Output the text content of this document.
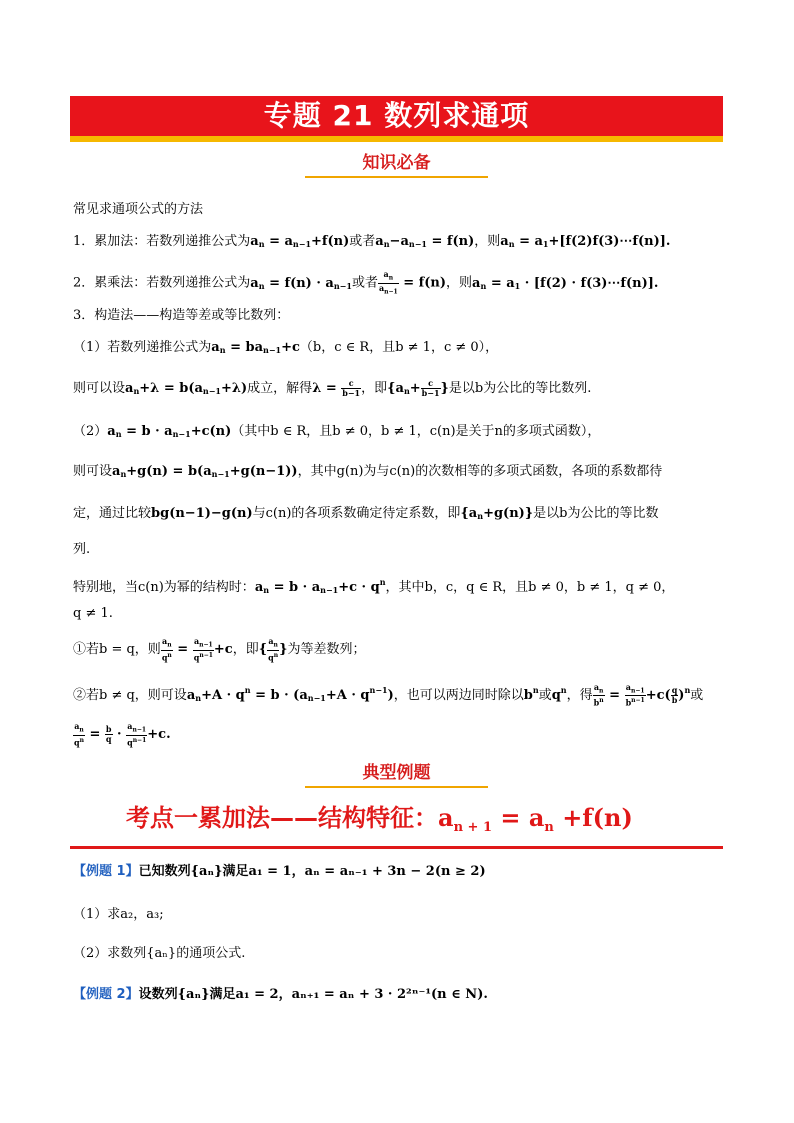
专题 21 数列求通项
知识必备
常见求通项公式的方法
1．累加法：若数列递推公式为$a_n = a_{n-1}+f(n)$或者$a_n-a_{n-1} = f(n)$，则$a_n$ = $a_1+[f(2)f(3)\cdots f(n)]$.
2．累乘法：若数列递推公式为$a_n = f(n) \cdot a_{n-1}$或者 $\frac{a_n}{a_{n-1}} = f(n)$，则$a_n = a_1 \cdot [f(2)$ · f(3)⋯f(n)].
3．构造法——构造等差或等比数列：
（1）若数列递推公式为$a_n = ba_{n-1}+c(b$，c ∈ R，且b ≠ 1，c ≠ 0），
则可以设$a_n+\lambda = b(a_{n-1}+\lambda)$成立，解得$\lambda = \frac{c}{b-1}$ ，即{$a_n+ \frac{c}{b-1}$ }是以b为公比的等比数列.
$(2)a_n = b \cdot a_{n-1}+c(n)$（其中b ∈ R，且b ≠ 0，b ≠ 1，c(n)是关于n的多项式函数），
则可设$a_n+g(n) = b(a_{n-1}+g(n-1))$，其中g(n)为与c(n)的次数相等的多项式函数，各项的系数都待
定，通过比较bg(n−1)−g(n)与c(n)的各项系数确定待定系数，即$\{a_n+g(n)\}$是以b为公比的等比数
列.
特别地，当c(n)为幂的结构时：$a_n = b \cdot a_{n-1}+c \cdot q^n$，其中b，c，q ∈ R，且b ≠ 0，b ≠ 1，q ≠ 0，
q ≠ 1.
①若b = q，则 $\frac{a_n}{q^n} = \frac{a_{n-1}}{q^{n-1}} +c$，即{ $\frac{a_n}{q^n}$ }为等差数列；
②若b ≠ q，则可设$a_n+A \cdot q^n = b \cdot (a_{n-1}+A \cdot q^{n-1})$，也可以两边同时除以$b^n$或$q^n$，得 $\frac{a_n}{b^n} = \frac{a_{n-1}}{b^{n-1}} +c( \frac{q}{b} )^n$或
$\frac{a_n}{q^n} = \frac{b}{q} \cdot \frac{a_{n-1}}{q^{n-1}} +c$.
典型例题
考点一累加法——结构特征：$a_{n + 1} = a_n +f(n)$
【例题 1】已知数列{aₙ}满足a₁ = 1，aₙ = aₙ₋₁ + 3n − 2(n ≥ 2)
（1）求a₂，a₃;
（2）求数列{aₙ}的通项公式.
【例题 2】设数列{aₙ}满足a₁ = 2，aₙ₊₁ = aₙ + 3 · 2²ⁿ⁻¹(n ∈ N).
